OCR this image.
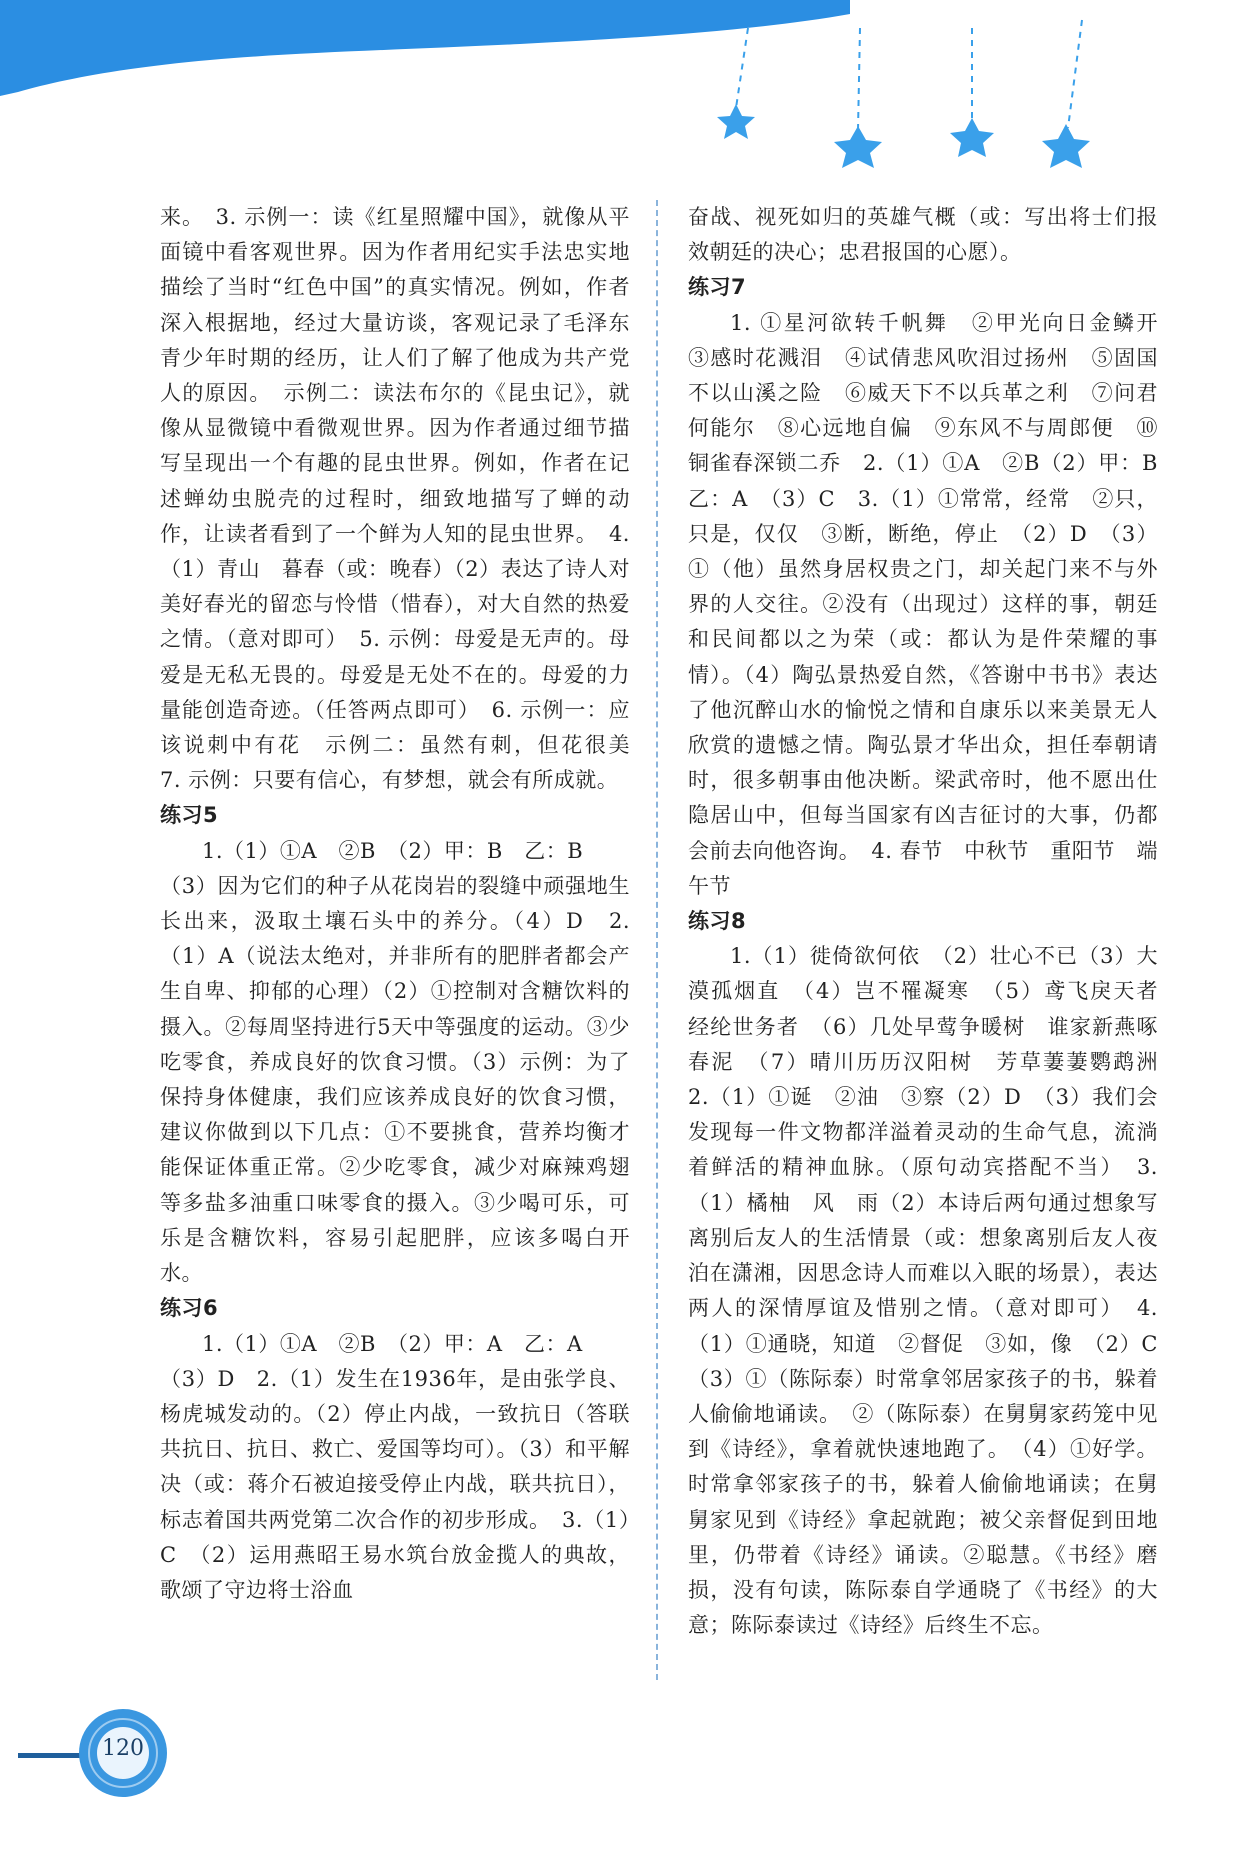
来。　3. 示例一：读《红星照耀中国》，就像从平面镜中看客观世界。因为作者用纪实手法忠实地描绘了当时“红色中国”的真实情况。例如，作者深入根据地，经过大量访谈，客观记录了毛泽东青少年时期的经历，让人们了解了他成为共产党人的原因。　示例二：读法布尔的《昆虫记》，就像从显微镜中看微观世界。因为作者通过细节描写呈现出一个有趣的昆虫世界。例如，作者在记述蝉幼虫脱壳的过程时，细致地描写了蝉的动作，让读者看到了一个鲜为人知的昆虫世界。　4.（1）青山　暮春（或：晚春）（2）表达了诗人对美好春光的留恋与怜惜（惜春），对大自然的热爱之情。（意对即可）　5. 示例：母爱是无声的。母爱是无私无畏的。母爱是无处不在的。母爱的力量能创造奇迹。（任答两点即可）　6. 示例一：应该说刺中有花　示例二：虽然有刺，但花很美　7. 示例：只要有信心，有梦想，就会有所成就。

练习5

1.（1）①A　②B　（2）甲：B　乙：B

（3）因为它们的种子从花岗岩的裂缝中顽强地生长出来，汲取土壤石头中的养分。（4）D　2.（1）A（说法太绝对，并非所有的肥胖者都会产生自卑、抑郁的心理）（2）①控制对含糖饮料的摄入。②每周坚持进行5天中等强度的运动。③少吃零食，养成良好的饮食习惯。（3）示例：为了保持身体健康，我们应该养成良好的饮食习惯，建议你做到以下几点：①不要挑食，营养均衡才能保证体重正常。②少吃零食，减少对麻辣鸡翅等多盐多油重口味零食的摄入。③少喝可乐，可乐是含糖饮料，容易引起肥胖，应该多喝白开水。

练习6

1.（1）①A　②B　（2）甲：A　乙：A

（3）D　2.（1）发生在1936年，是由张学良、杨虎城发动的。（2）停止内战，一致抗日（答联共抗日、抗日、救亡、爱国等均可）。（3）和平解决（或：蒋介石被迫接受停止内战，联共抗日），标志着国共两党第二次合作的初步形成。　3.（1）C　（2）运用燕昭王易水筑台放金揽人的典故，歌颂了守边将士浴血

奋战、视死如归的英雄气概（或：写出将士们报效朝廷的决心；忠君报国的心愿）。

练习7

1. ①星河欲转千帆舞　②甲光向日金鳞开　③感时花溅泪　④试倩悲风吹泪过扬州　⑤固国不以山溪之险　⑥威天下不以兵革之利　⑦问君何能尔　⑧心远地自偏　⑨东风不与周郎便　⑩铜雀春深锁二乔　2.（1）①A　②B（2）甲：B　乙：A　（3）C　3.（1）①常常，经常　②只，只是，仅仅　③断，断绝，停止　（2）D　（3）①（他）虽然身居权贵之门，却关起门来不与外界的人交往。②没有（出现过）这样的事，朝廷和民间都以之为荣（或：都认为是件荣耀的事情）。（4）陶弘景热爱自然，《答谢中书书》表达了他沉醉山水的愉悦之情和自康乐以来美景无人欣赏的遗憾之情。陶弘景才华出众，担任奉朝请时，很多朝事由他决断。梁武帝时，他不愿出仕隐居山中，但每当国家有凶吉征讨的大事，仍都会前去向他咨询。　4. 春节　中秋节　重阳节　端午节

练习8

1.（1）徙倚欲何依　（2）壮心不已（3）大漠孤烟直　（4）岂不罹凝寒　（5）鸢飞戾天者　经纶世务者　（6）几处早莺争暖树　谁家新燕啄春泥　（7）晴川历历汉阳树　芳草萋萋鹦鹉洲　2.（1）①诞　②油　③察（2）D　（3）我们会发现每一件文物都洋溢着灵动的生命气息，流淌着鲜活的精神血脉。（原句动宾搭配不当）　3.（1）橘柚　风　雨（2）本诗后两句通过想象写离别后友人的生活情景（或：想象离别后友人夜泊在潇湘，因思念诗人而难以入眠的场景），表达两人的深情厚谊及惜别之情。（意对即可）　4.（1）①通晓，知道　②督促　③如，像　（2）C　（3）①（陈际泰）时常拿邻居家孩子的书，躲着人偷偷地诵读。　②（陈际泰）在舅舅家药笼中见到《诗经》，拿着就快速地跑了。　（4）①好学。时常拿邻家孩子的书，躲着人偷偷地诵读；在舅舅家见到《诗经》拿起就跑；被父亲督促到田地里，仍带着《诗经》诵读。②聪慧。《书经》磨损，没有句读，陈际泰自学通晓了《书经》的大意；陈际泰读过《诗经》后终生不忘。

120
